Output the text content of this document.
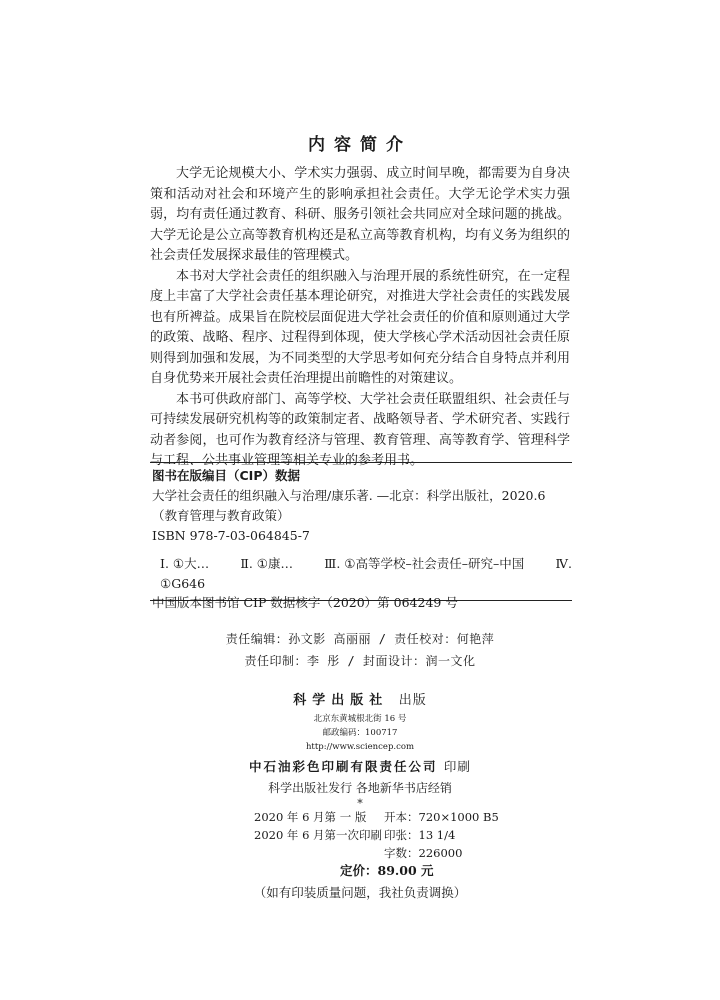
内容简介

大学无论规模大小、学术实力强弱、成立时间早晚，都需要为自身决策和活动对社会和环境产生的影响承担社会责任。大学无论学术实力强弱，均有责任通过教育、科研、服务引领社会共同应对全球问题的挑战。大学无论是公立高等教育机构还是私立高等教育机构，均有义务为组织的社会责任发展探求最佳的管理模式。

本书对大学社会责任的组织融入与治理开展的系统性研究，在一定程度上丰富了大学社会责任基本理论研究，对推进大学社会责任的实践发展也有所裨益。成果旨在院校层面促进大学社会责任的价值和原则通过大学的政策、战略、程序、过程得到体现，使大学核心学术活动因社会责任原则得到加强和发展，为不同类型的大学思考如何充分结合自身特点并利用自身优势来开展社会责任治理提出前瞻性的对策建议。

本书可供政府部门、高等学校、大学社会责任联盟组织、社会责任与可持续发展研究机构等的政策制定者、战略领导者、学术研究者、实践行动者参阅，也可作为教育经济与管理、教育管理、高等教育学、管理科学与工程、公共事业管理等相关专业的参考用书。

图书在版编目（CIP）数据
大学社会责任的组织融入与治理/康乐著. —北京：科学出版社，2020.6
（教育管理与教育政策）
ISBN 978-7-03-064845-7
Ⅰ. ①大…	Ⅱ. ①康…	Ⅲ. ①高等学校–社会责任–研究–中国	Ⅳ.
①G646
中国版本图书馆 CIP 数据核字（2020）第 064249 号
责任编辑：孙文影 高丽丽 / 责任校对：何艳萍
责任印制：李 彤 / 封面设计：润一文化
科学出版社 出版
北京东黄城根北街 16 号
邮政编码：100717
http://www.sciencep.com
中石油彩色印刷有限责任公司 印刷
科学出版社发行 各地新华书店经销
*
2020 年 6 月第 一 版 开本：720×1000 B5
2020 年 6 月第一次印刷 印张：13 1/4
字数：226000
定价：89.00 元
（如有印装质量问题，我社负责调换）
